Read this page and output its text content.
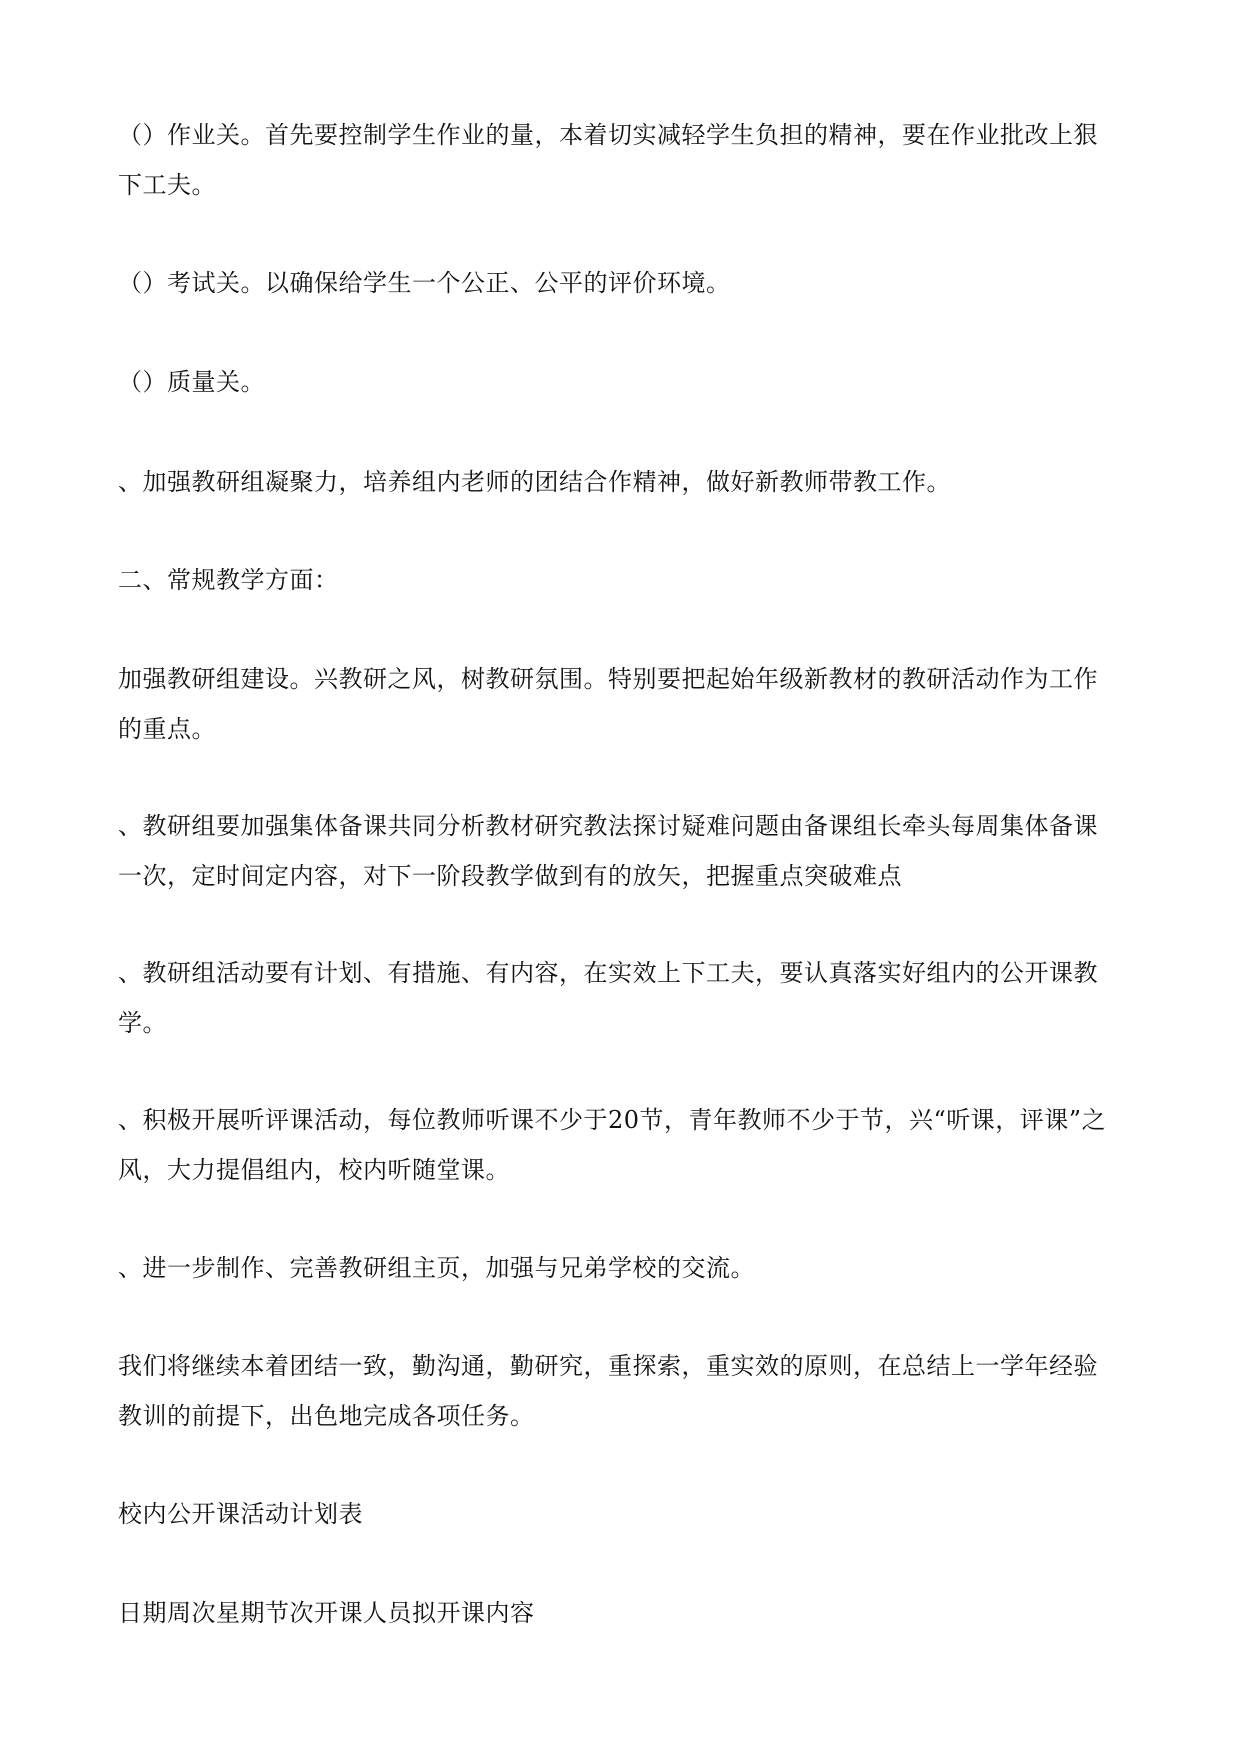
（）作业关。首先要控制学生作业的量，本着切实减轻学生负担的精神，要在作业批改上狠下工夫。

（）考试关。以确保给学生一个公正、公平的评价环境。

（）质量关。

、加强教研组凝聚力，培养组内老师的团结合作精神，做好新教师带教工作。

二、常规教学方面：

加强教研组建设。兴教研之风，树教研氛围。特别要把起始年级新教材的教研活动作为工作的重点。

、教研组要加强集体备课共同分析教材研究教法探讨疑难问题由备课组长牵头每周集体备课一次，定时间定内容，对下一阶段教学做到有的放矢，把握重点突破难点

、教研组活动要有计划、有措施、有内容，在实效上下工夫，要认真落实好组内的公开课教学。

、积极开展听评课活动，每位教师听课不少于20节，青年教师不少于节，兴“听课，评课”之风，大力提倡组内，校内听随堂课。

、进一步制作、完善教研组主页，加强与兄弟学校的交流。

我们将继续本着团结一致，勤沟通，勤研究，重探索，重实效的原则，在总结上一学年经验教训的前提下，出色地完成各项任务。

校内公开课活动计划表

日期周次星期节次开课人员拟开课内容
